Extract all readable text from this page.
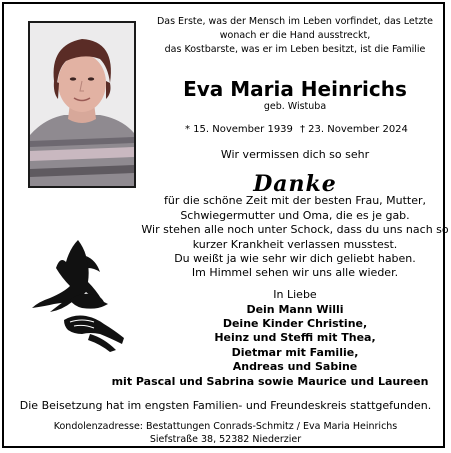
Das Erste, was der Mensch im Leben vorfindet, das Letzte
wonach er die Hand ausstreckt,
das Kostbarste, was er im Leben besitzt, ist die Familie
Eva Maria Heinrichs
geb. Wistuba
* 15. November 1939 † 23. November 2024
Wir vermissen dich so sehr
Danke
für die schöne Zeit mit der besten Frau, Mutter,
Schwiegermutter und Oma, die es je gab.
Wir stehen alle noch unter Schock, dass du uns nach so
kurzer Krankheit verlassen musstest.
Du weißt ja wie sehr wir dich geliebt haben.
Im Himmel sehen wir uns alle wieder.
In Liebe
Dein Mann Willi
Deine Kinder Christine,
Heinz und Steffi mit Thea,
Dietmar mit Familie,
Andreas und Sabine
mit Pascal und Sabrina sowie Maurice und Laureen
Die Beisetzung hat im engsten Familien- und Freundeskreis stattgefunden.
Kondolenzadresse: Bestattungen Conrads-Schmitz / Eva Maria Heinrichs
Siefstraße 38, 52382 Niederzier
